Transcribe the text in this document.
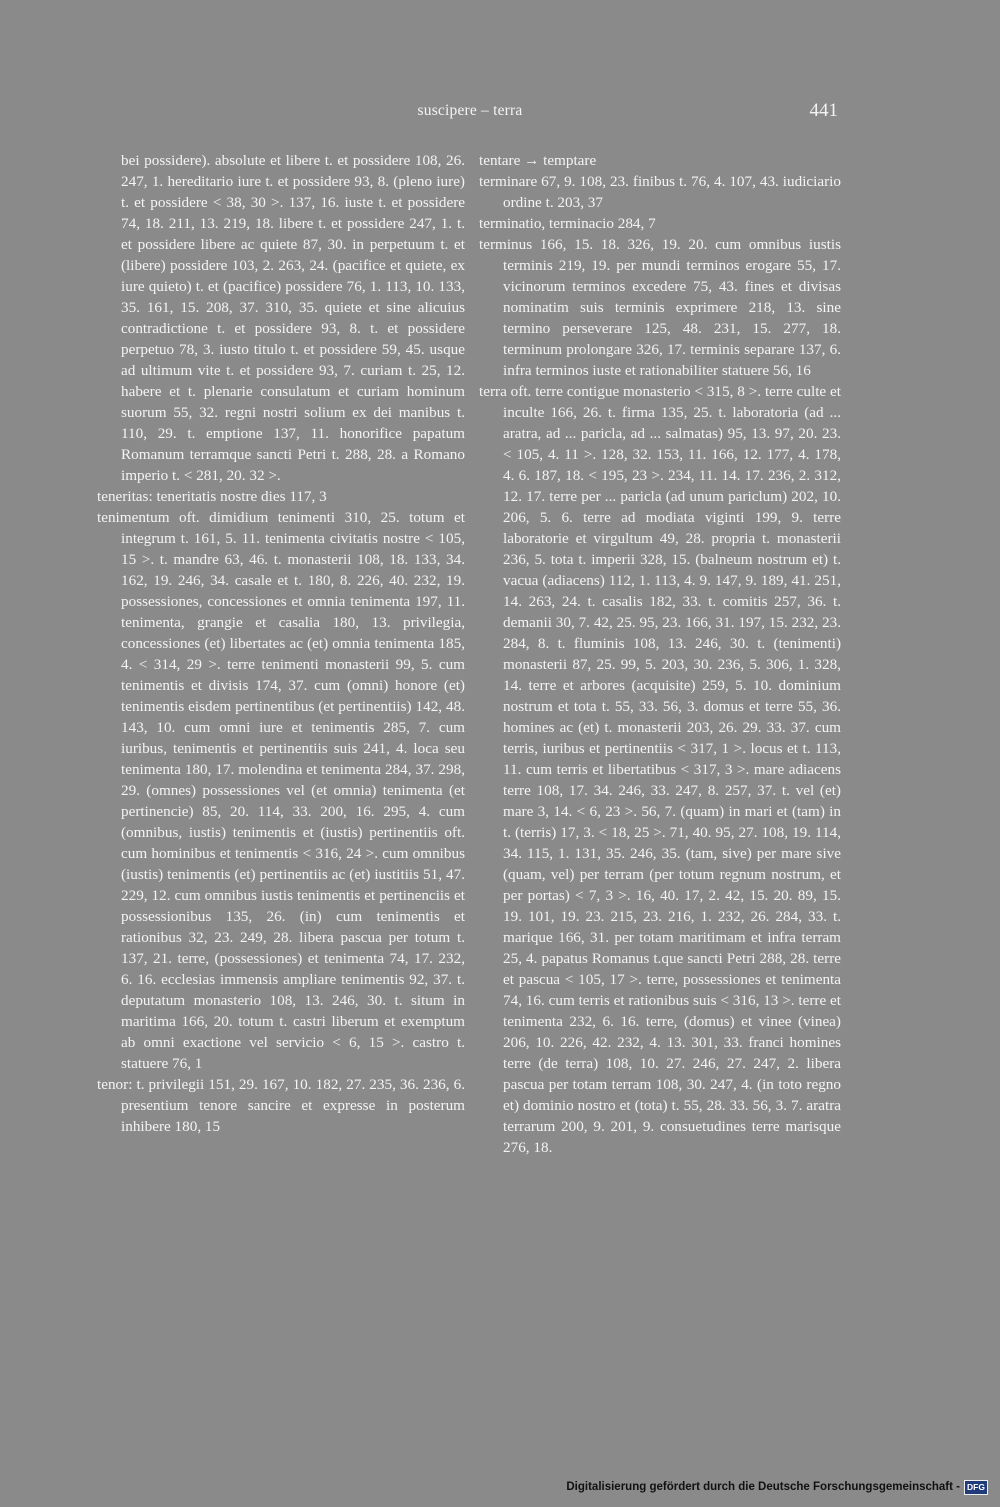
suscipere – terra	441

bei possidere). absolute et libere t. et possidere 108, 26. 247, 1. hereditario iure t. et possidere 93, 8. (pleno iure) t. et possidere < 38, 30 >. 137, 16. iuste t. et possidere 74, 18. 211, 13. 219, 18. libere t. et possidere 247, 1. t. et possidere libere ac quiete 87, 30. in perpetuum t. et (libere) possidere 103, 2. 263, 24. (pacifice et quiete, ex iure quieto) t. et (pacifice) possidere 76, 1. 113, 10. 133, 35. 161, 15. 208, 37. 310, 35. quiete et sine alicuius contradictione t. et possidere 93, 8. t. et possidere perpetuo 78, 3. iusto titulo t. et possidere 59, 45. usque ad ultimum vite t. et possidere 93, 7. curiam t. 25, 12. habere et t. plenarie consulatum et curiam hominum suorum 55, 32. regni nostri solium ex dei manibus t. 110, 29. t. emptione 137, 11. honorifice papatum Romanum terramque sancti Petri t. 288, 28. a Romano imperio t. < 281, 20. 32 >.

teneritas: teneritatis nostre dies 117, 3

tenimentum oft. dimidium tenimenti 310, 25. totum et integrum t. 161, 5. 11. tenimenta civitatis nostre < 105, 15 >. t. mandre 63, 46. t. monasterii 108, 18. 133, 34. 162, 19. 246, 34. casale et t. 180, 8. 226, 40. 232, 19. possessiones, concessiones et omnia tenimenta 197, 11. tenimenta, grangie et casalia 180, 13. privilegia, concessiones (et) libertates ac (et) omnia tenimenta 185, 4. < 314, 29 >. terre tenimenti monasterii 99, 5. cum tenimentis et divisis 174, 37. cum (omni) honore (et) tenimentis eisdem pertinentibus (et pertinentiis) 142, 48. 143, 10. cum omni iure et tenimentis 285, 7. cum iuribus, tenimentis et pertinentiis suis 241, 4. loca seu tenimenta 180, 17. molendina et tenimenta 284, 37. 298, 29. (omnes) possessiones vel (et omnia) tenimenta (et pertinencie) 85, 20. 114, 33. 200, 16. 295, 4. cum (omnibus, iustis) tenimentis et (iustis) pertinentiis oft. cum hominibus et tenimentis < 316, 24 >. cum omnibus (iustis) tenimentis (et) pertinentiis ac (et) iustitiis 51, 47. 229, 12. cum omnibus iustis tenimentis et pertinenciis et possessionibus 135, 26. (in) cum tenimentis et rationibus 32, 23. 249, 28. libera pascua per totum t. 137, 21. terre, (possessiones) et tenimenta 74, 17. 232, 6. 16. ecclesias immensis ampliare tenimentis 92, 37. t. deputatum monasterio 108, 13. 246, 30. t. situm in maritima 166, 20. totum t. castri liberum et exemptum ab omni exactione vel servicio < 6, 15 >. castro t. statuere 76, 1

tenor: t. privilegii 151, 29. 167, 10. 182, 27. 235, 36. 236, 6. presentium tenore sancire et expresse in posterum inhibere 180, 15

tentare → temptare

terminare 67, 9. 108, 23. finibus t. 76, 4. 107, 43. iudiciario ordine t. 203, 37

terminatio, terminacio 284, 7

terminus 166, 15. 18. 326, 19. 20. cum omnibus iustis terminis 219, 19. per mundi terminos erogare 55, 17. vicinorum terminos excedere 75, 43. fines et divisas nominatim suis terminis exprimere 218, 13. sine termino perseverare 125, 48. 231, 15. 277, 18. terminum prolongare 326, 17. terminis separare 137, 6. infra terminos iuste et rationabiliter statuere 56, 16

terra oft. terre contigue monasterio < 315, 8 >. terre culte et inculte 166, 26. t. firma 135, 25. t. laboratoria (ad ... aratra, ad ... paricla, ad ... salmatas) 95, 13. 97, 20. 23. < 105, 4. 11 >. 128, 32. 153, 11. 166, 12. 177, 4. 178, 4. 6. 187, 18. < 195, 23 >. 234, 11. 14. 17. 236, 2. 312, 12. 17. terre per ... paricla (ad unum pariclum) 202, 10. 206, 5. 6. terre ad modiata viginti 199, 9. terre laboratorie et virgultum 49, 28. propria t. monasterii 236, 5. tota t. imperii 328, 15. (balneum nostrum et) t. vacua (adiacens) 112, 1. 113, 4. 9. 147, 9. 189, 41. 251, 14. 263, 24. t. casalis 182, 33. t. comitis 257, 36. t. demanii 30, 7. 42, 25. 95, 23. 166, 31. 197, 15. 232, 23. 284, 8. t. fluminis 108, 13. 246, 30. t. (tenimenti) monasterii 87, 25. 99, 5. 203, 30. 236, 5. 306, 1. 328, 14. terre et arbores (acquisite) 259, 5. 10. dominium nostrum et tota t. 55, 33. 56, 3. domus et terre 55, 36. homines ac (et) t. monasterii 203, 26. 29. 33. 37. cum terris, iuribus et pertinentiis < 317, 1 >. locus et t. 113, 11. cum terris et libertatibus < 317, 3 >. mare adiacens terre 108, 17. 34. 246, 33. 247, 8. 257, 37. t. vel (et) mare 3, 14. < 6, 23 >. 56, 7. (quam) in mari et (tam) in t. (terris) 17, 3. < 18, 25 >. 71, 40. 95, 27. 108, 19. 114, 34. 115, 1. 131, 35. 246, 35. (tam, sive) per mare sive (quam, vel) per terram (per totum regnum nostrum, et per portas) < 7, 3 >. 16, 40. 17, 2. 42, 15. 20. 89, 15. 19. 101, 19. 23. 215, 23. 216, 1. 232, 26. 284, 33. t. marique 166, 31. per totam maritimam et infra terram 25, 4. papatus Romanus t.que sancti Petri 288, 28. terre et pascua < 105, 17 >. terre, possessiones et tenimenta 74, 16. cum terris et rationibus suis < 316, 13 >. terre et tenimenta 232, 6. 16. terre, (domus) et vinee (vinea) 206, 10. 226, 42. 232, 4. 13. 301, 33. franci homines terre (de terra) 108, 10. 27. 246, 27. 247, 2. libera pascua per totam terram 108, 30. 247, 4. (in toto regno et) dominio nostro et (tota) t. 55, 28. 33. 56, 3. 7. aratra terrarum 200, 9. 201, 9. consuetudines terre marisque 276, 18.

Digitalisierung gefördert durch die Deutsche Forschungsgemeinschaft - DFG
